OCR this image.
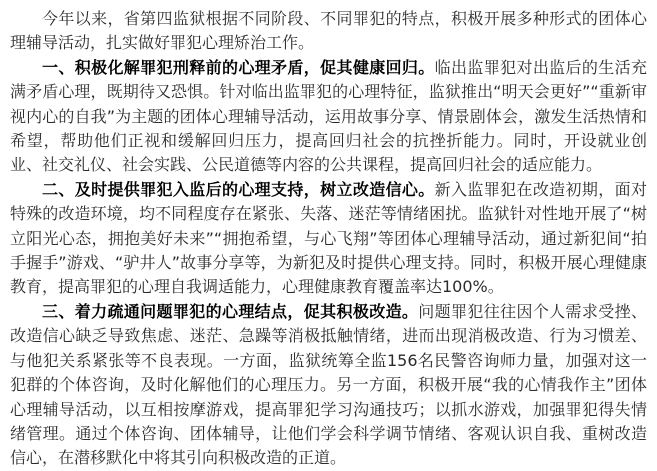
今年以来，省第四监狱根据不同阶段、不同罪犯的特点，积极开展多种形式的团体心理辅导活动，扎实做好罪犯心理矫治工作。

一、积极化解罪犯刑释前的心理矛盾，促其健康回归。临出监罪犯对出监后的生活充满矛盾心理，既期待又恐惧。针对临出监罪犯的心理特征，监狱推出“明天会更好”“重新审视内心的自我”为主题的团体心理辅导活动，运用故事分享、情景剧体会，激发生活热情和希望，帮助他们正视和缓解回归压力，提高回归社会的抗挫折能力。同时，开设就业创业、社交礼仪、社会实践、公民道德等内容的公共课程，提高回归社会的适应能力。

二、及时提供罪犯入监后的心理支持，树立改造信心。新入监罪犯在改造初期，面对特殊的改造环境，均不同程度存在紧张、失落、迷茫等情绪困扰。监狱针对性地开展了“树立阳光心态，拥抱美好未来”“拥抱希望，与心飞翔”等团体心理辅导活动，通过新犯间“拍手握手”游戏、“驴井人”故事分享等，为新犯及时提供心理支持。同时，积极开展心理健康教育，提高罪犯的心理自我调适能力，心理健康教育覆盖率达100%。

三、着力疏通问题罪犯的心理结点，促其积极改造。问题罪犯往往因个人需求受挫、改造信心缺乏导致焦虑、迷茫、急躁等消极抵触情绪，进而出现消极改造、行为习惯差、与他犯关系紧张等不良表现。一方面，监狱统筹全监156名民警咨询师力量，加强对这一犯群的个体咨询，及时化解他们的心理压力。另一方面，积极开展“我的心情我作主”团体心理辅导活动，以互相按摩游戏，提高罪犯学习沟通技巧；以抓水游戏，加强罪犯得失情绪管理。通过个体咨询、团体辅导，让他们学会科学调节情绪、客观认识自我、重树改造信心，在潜移默化中将其引向积极改造的正道。
